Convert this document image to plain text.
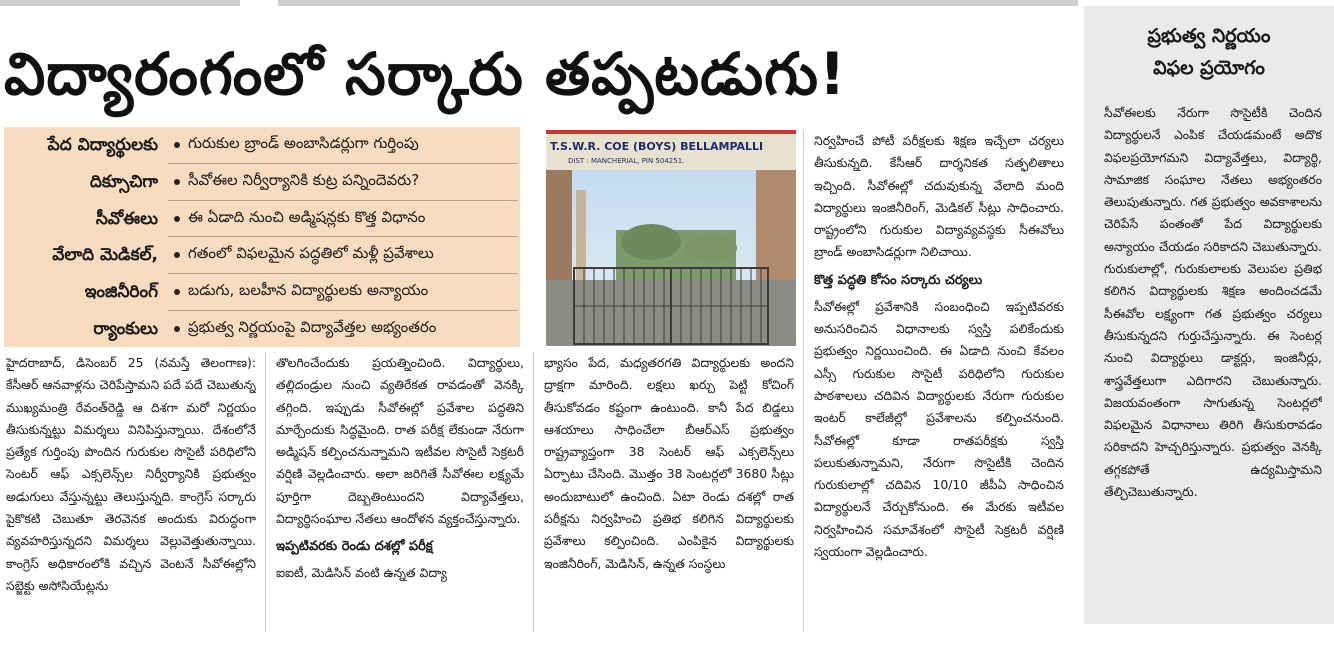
విద్యారంగంలో సర్కారు తప్పటడుగు!
పేద విద్యార్థులకు
దిక్సూచిగా
సీవోఈలు
వేలాది మెడికల్,
ఇంజినీరింగ్
ర్యాంకులు
గురుకుల బ్రాండ్ అంబాసిడర్లుగా గుర్తింపు
సీవోఈల నిర్వీర్యానికి కుట్ర పన్నిందెవరు?
ఈ ఏడాది నుంచి అడ్మిషన్లకు కొత్త విధానం
గతంలో విఫలమైన పద్ధతిలో మళ్లీ ప్రవేశాలు
బడుగు, బలహీన విద్యార్థులకు అన్యాయం
ప్రభుత్వ నిర్ణయంపై విద్యావేత్తల అభ్యంతరం
T.S.W.R. COE (BOYS) BELLAMPALLI
DIST : MANCHERIAL, PIN 504251.

హైదరాబాద్, డిసెంబర్ 25 (నమస్తే తెలంగాణ): కేసీఆర్ ఆనవాళ్లను చెరిపేస్తామని పదే పదే చెబుతున్న ముఖ్యమంత్రి రేవంత్‌రెడ్డి ఆ దిశగా మరో నిర్ణయం తీసుకున్నట్టు విమర్శలు వినిపిస్తున్నాయి. దేశంలోనే ప్రత్యేక గుర్తింపు పొందిన గురుకుల సొసైటీ పరిధిలోని సెంటర్ ఆఫ్ ఎక్సలెన్స్‌ల నిర్వీర్యానికి ప్రభుత్వం అడుగులు వేస్తున్నట్టు తెలుస్తున్నది. కాంగ్రెస్ సర్కారు పైకొకటి చెబుతూ తెరవెనక అందుకు విరుద్ధంగా వ్యవహరిస్తున్నదని విమర్శలు వెల్లువెత్తుతున్నాయి. కాంగ్రెస్ అధికారంలోకి వచ్చిన వెంటనే సీవోఈల్లోని సబ్జెక్టు అసోసియేట్లను

తొలగించేందుకు ప్రయత్నించింది. విద్యార్థులు, తల్లిదండ్రుల నుంచి వ్యతిరేకత రావడంతో వెనక్కి తగ్గింది. ఇప్పుడు సీవోఈల్లో ప్రవేశాల పద్ధతిని మార్చేందుకు సిద్ధమైంది. రాత పరీక్ష లేకుండా నేరుగా అడ్మిషన్ కల్పించనున్నామని ఇటీవల సొసైటీ సెక్రటరీ వర్షిణి వెల్లడించారు. అలా జరిగితే సీవోఈల లక్ష్యమే పూర్తిగా దెబ్బతింటుందని విద్యావేత్తలు, విద్యార్థిసంఘాల నేతలు ఆందోళన వ్యక్తంచేస్తున్నారు.

ఇప్పటివరకు రెండు దశల్లో పరీక్ష

ఐఐటీ, మెడిసిన్ వంటి ఉన్నత విద్యా

భ్యాసం పేద, మధ్యతరగతి విద్యార్థులకు అందని ద్రాక్షగా మారింది. లక్షలు ఖర్చు పెట్టి కోచింగ్ తీసుకోవడం కష్టంగా ఉంటుంది. కానీ పేద బిడ్డలు ఆశయాలు సాధించేలా బీఆర్ఎస్ ప్రభుత్వం రాష్ట్రవ్యాప్తంగా 38 సెంటర్ ఆఫ్ ఎక్సలెన్స్‌లు ఏర్పాటు చేసింది. మొత్తం 38 సెంటర్లలో 3680 సీట్లు అందుబాటులో ఉంచింది. ఏటా రెండు దశల్లో రాత పరీక్షను నిర్వహించి ప్రతిభ కలిగిన విద్యార్థులకు ప్రవేశాలు కల్పించింది. ఎంపికైన విద్యార్థులకు ఇంజినీరింగ్, మెడిసిన్, ఉన్నత సంస్థలు

నిర్వహించే పోటీ పరీక్షలకు శిక్షణ ఇచ్చేలా చర్యలు తీసుకున్నది. కేసీఆర్ దార్శనికత సత్ఫలితాలు ఇచ్చింది. సీవోఈల్లో చదువుకున్న వేలాది మంది విద్యార్థులు ఇంజినీరింగ్, మెడికల్ సీట్లు సాధించారు. రాష్ట్రంలోని గురుకుల విద్యావ్యవస్థకు సీఈవోలు బ్రాండ్ అంబాసిడర్లుగా నిలిచాయి.

కొత్త పద్ధతి కోసం సర్కారు చర్యలు

సీవోఈల్లో ప్రవేశానికి సంబంధించి ఇప్పటివరకు అనుసరించిన విధానాలకు స్వస్తి పలికేందుకు ప్రభుత్వం నిర్ణయించింది. ఈ ఏడాది నుంచి కేవలం ఎస్సీ గురుకుల సొసైటీ పరిధిలోని గురుకుల పాఠశాలలు చదివిన విద్యార్థులకు నేరుగా గురుకుల ఇంటర్ కాలేజీల్లో ప్రవేశాలను కల్పించనుంది. సీవోఈల్లో కూడా రాతపరీక్షకు స్వస్తి పలుకుతున్నామని, నేరుగా సొసైటీకి చెందిన గురుకులాల్లో చదివిన 10/10 జీపీఏ సాధించిన విద్యార్థులనే చేర్చుకోనుంది. ఈ మేరకు ఇటీవల నిర్వహించిన సమావేశంలో సొసైటీ సెక్రటరీ వర్షిణి స్వయంగా వెల్లడించారు.

ప్రభుత్వ నిర్ణయం
విఫల ప్రయోగం
సీవోఈలకు నేరుగా సొసైటీకి చెందిన విద్యార్థులనే ఎంపిక చేయడమంటే అదొక విఫలప్రయోగమని విద్యావేత్తలు, విద్యార్థి, సామాజిక సంఘాల నేతలు అభ్యంతరం తెలుపుతున్నారు. గత ప్రభుత్వం అవకాశాలను చెరిపేసే పంతంతో పేద విద్యార్థులకు అన్యాయం చేయడం సరికాదని చెబుతున్నారు. గురుకులాల్లో, గురుకులాలకు వెలుపల ప్రతిభ కలిగిన విద్యార్థులకు శిక్షణ అందించడమే సీఈవోల లక్ష్యంగా గత ప్రభుత్వం చర్యలు తీసుకున్నదని గుర్తుచేస్తున్నారు. ఈ సెంటర్ల నుంచి విద్యార్థులు డాక్టర్లు, ఇంజినీర్లు, శాస్త్రవేత్తలుగా ఎదిగారని చెబుతున్నారు. విజయవంతంగా సాగుతున్న సెంటర్లలో విఫలమైన విధానాలు తిరిగి తీసుకురావడం సరికాదని హెచ్చరిస్తున్నారు. ప్రభుత్వం వెనక్కి తగ్గకపోతే ఉద్యమిస్తామని తేల్చిచెబుతున్నారు.
